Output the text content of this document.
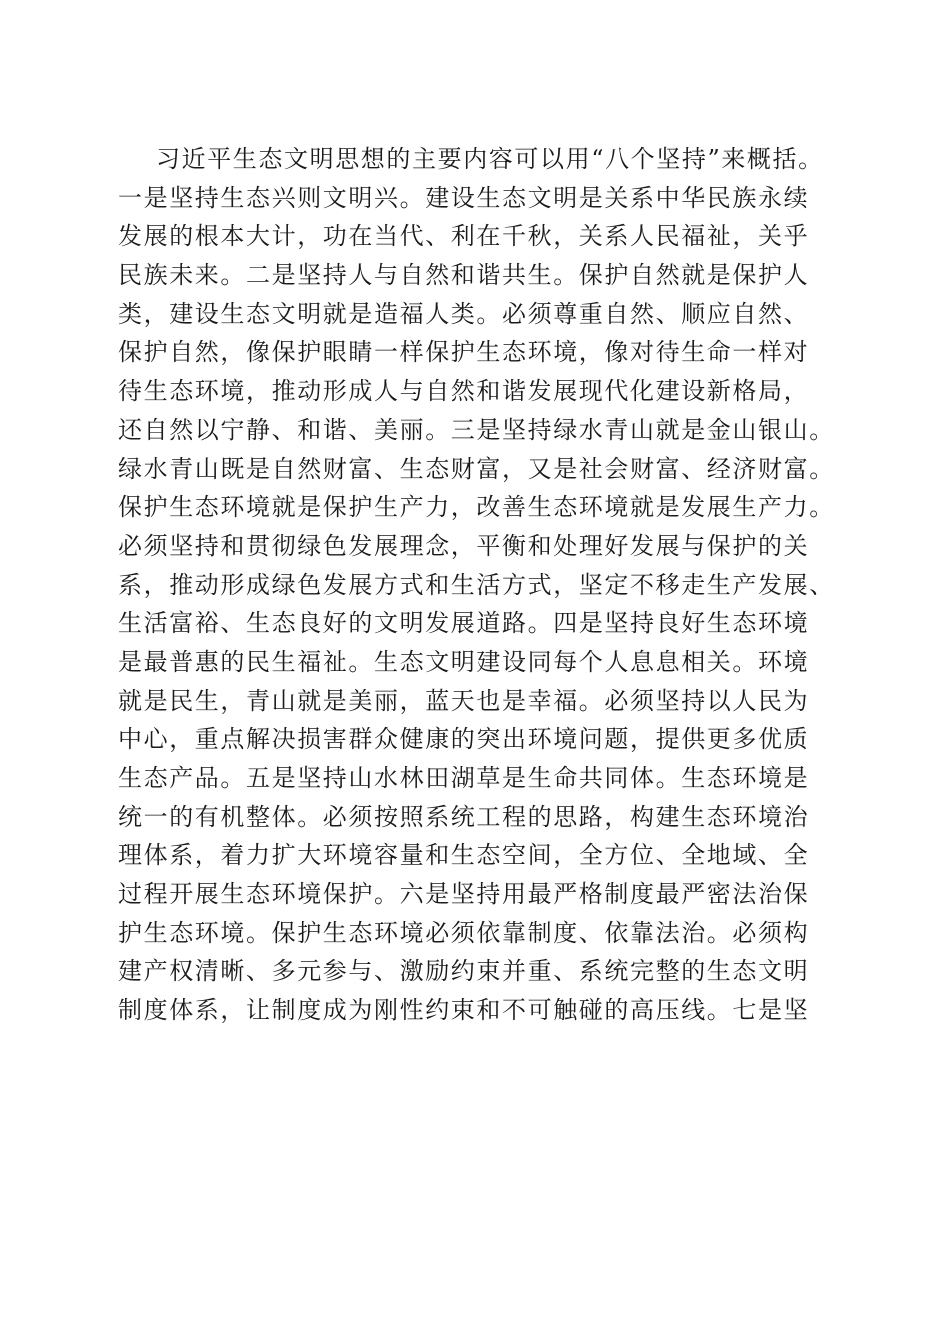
习近平生态文明思想的主要内容可以用“八个坚持”来概括。
一是坚持生态兴则文明兴。建设生态文明是关系中华民族永续
发展的根本大计，功在当代、利在千秋，关系人民福祉，关乎
民族未来。二是坚持人与自然和谐共生。保护自然就是保护人
类，建设生态文明就是造福人类。必须尊重自然、顺应自然、
保护自然，像保护眼睛一样保护生态环境，像对待生命一样对
待生态环境，推动形成人与自然和谐发展现代化建设新格局，
还自然以宁静、和谐、美丽。三是坚持绿水青山就是金山银山。
绿水青山既是自然财富、生态财富，又是社会财富、经济财富。
保护生态环境就是保护生产力，改善生态环境就是发展生产力。
必须坚持和贯彻绿色发展理念，平衡和处理好发展与保护的关
系，推动形成绿色发展方式和生活方式，坚定不移走生产发展、
生活富裕、生态良好的文明发展道路。四是坚持良好生态环境
是最普惠的民生福祉。生态文明建设同每个人息息相关。环境
就是民生，青山就是美丽，蓝天也是幸福。必须坚持以人民为
中心，重点解决损害群众健康的突出环境问题，提供更多优质
生态产品。五是坚持山水林田湖草是生命共同体。生态环境是
统一的有机整体。必须按照系统工程的思路，构建生态环境治
理体系，着力扩大环境容量和生态空间，全方位、全地域、全
过程开展生态环境保护。六是坚持用最严格制度最严密法治保
护生态环境。保护生态环境必须依靠制度、依靠法治。必须构
建产权清晰、多元参与、激励约束并重、系统完整的生态文明
制度体系，让制度成为刚性约束和不可触碰的高压线。七是坚
